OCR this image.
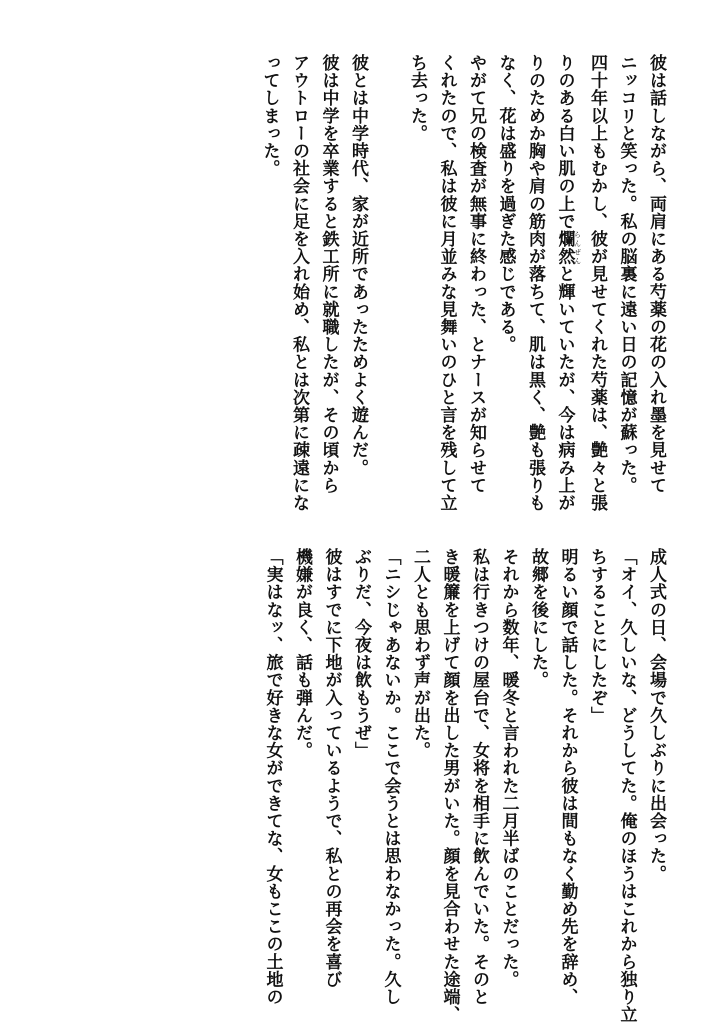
彼は話しながら、両肩にある芍薬の花の入れ墨を見せて
ニッコリと笑った。私の脳裏に遠い日の記憶が蘇った。
四十年以上もむかし、彼が見せてくれた芍薬は、艶々と張
りのある白い肌の上で爛然 らんぜんと輝いていたが、今は病み上が
りのためか胸や肩の筋肉が落ちて、肌は黒く、艶も張りも
なく、花は盛りを過ぎた感じである。
やがて兄の検査が無事に終わった、とナースが知らせて
くれたので、私は彼に月並みな見舞いのひと言を残して立
ち去った。
彼とは中学時代、家が近所であったためよく遊んだ。
彼は中学を卒業すると鉄工所に就職したが、その頃から
アウトローの社会に足を入れ始め、私とは次第に疎遠にな
ってしまった。
成人式の日、会場で久しぶりに出会った。
「オイ、久しいな、どうしてた。俺のほうはこれから独り立
ちすることにしたぞ」
明るい顔で話した。それから彼は間もなく勤め先を辞め、
故郷を後にした。
それから数年、暖冬と言われた二月半ばのことだった。
私は行きつけの屋台で、女将を相手に飲んでいた。そのと
き暖簾を上げて顔を出した男がいた。顔を見合わせた途端、
二人とも思わず声が出た。
「ニシじゃあないか。ここで会うとは思わなかった。久し
ぶりだ、今夜は飲もうぜ」
彼はすでに下地が入っているようで、私との再会を喜び
機嫌が良く、話も弾んだ。
「実はなッ、旅で好きな女ができてな、女もここの土地の
